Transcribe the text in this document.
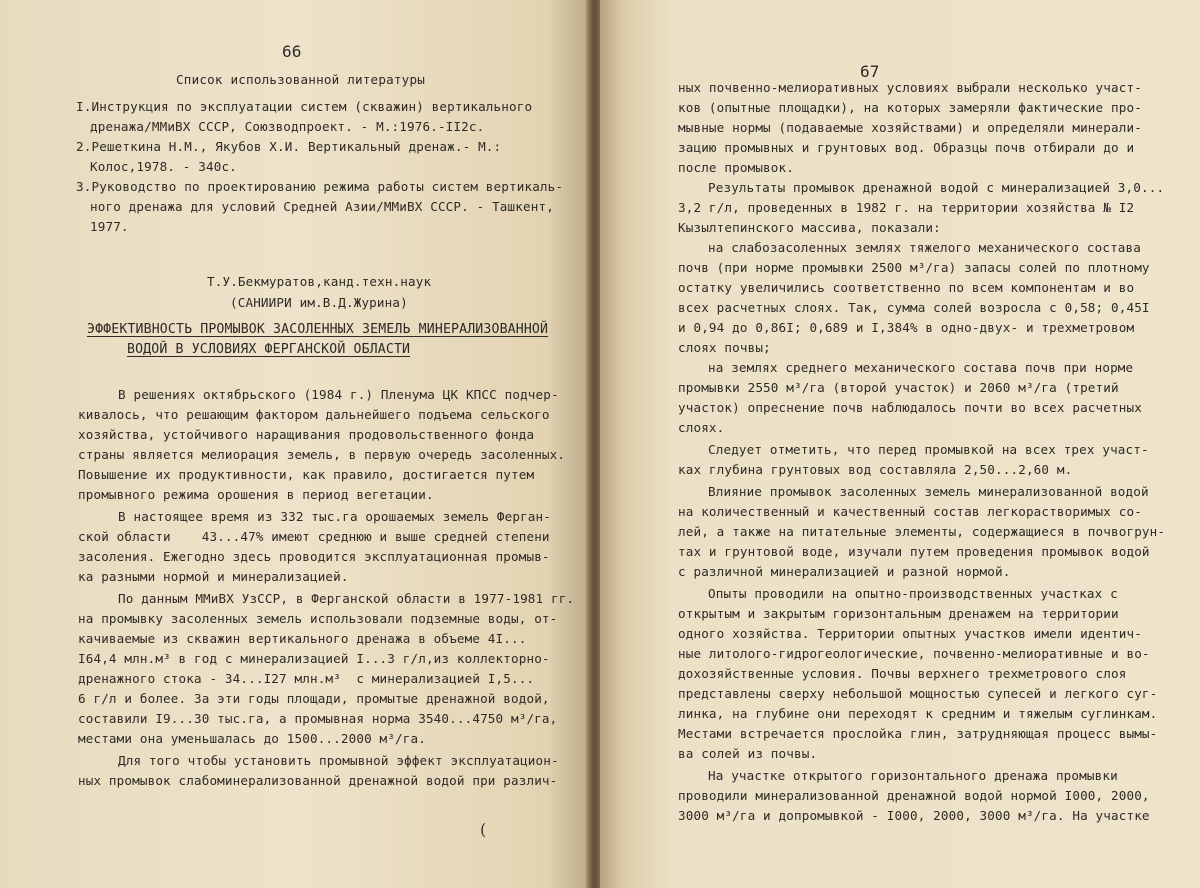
66
Список использованной литературы
I.Инструкция по эксплуатации систем (скважин) вертикального
дренажа/ММиВХ СССР, Союзводпроект. - М.:1976.-II2с.
2.Решеткина Н.М., Якубов Х.И. Вертикальный дренаж.- М.:
Колос,1978. - 340с.
3.Руководство по проектированию режима работы систем вертикаль-
ного дренажа для условий Средней Азии/ММиВХ СССР. - Ташкент,
1977.
Т.У.Бекмуратов,канд.техн.наук
(САНИИРИ им.В.Д.Журина)
ЭФФЕКТИВНОСТЬ ПРОМЫВОК ЗАСОЛЕННЫХ ЗЕМЕЛЬ МИНЕРАЛИЗОВАННОЙ
ВОДОЙ В УСЛОВИЯХ ФЕРГАНСКОЙ ОБЛАСТИ
В решениях октябрьского (1984 г.) Пленума ЦК КПСС подчер-
кивалось, что решающим фактором дальнейшего подъема сельского
хозяйства, устойчивого наращивания продовольственного фонда
страны является мелиорация земель, в первую очередь засоленных.
Повышение их продуктивности, как правило, достигается путем
промывного режима орошения в период вегетации.
В настоящее время из 332 тыс.га орошаемых земель Ферган-
ской области    43...47% имеют среднюю и выше средней степени
засоления. Ежегодно здесь проводится эксплуатационная промыв-
ка разными нормой и минерализацией.
По данным ММиВХ УзССР, в Ферганской области в 1977-1981 гг.
на промывку засоленных земель использовали подземные воды, от-
качиваемые из скважин вертикального дренажа в объеме 4I...
I64,4 млн.м³ в год с минерализацией I...3 г/л,из коллекторно-
дренажного стока - 34...I27 млн.м³  с минерализацией I,5...
6 г/л и более. За эти годы площади, промытые дренажной водой,
составили I9...30 тыс.га, а промывная норма 3540...4750 м³/га,
местами она уменьшалась до 1500...2000 м³/га.
Для того чтобы установить промывной эффект эксплуатацион-
ных промывок слабоминерализованной дренажной водой при различ-
(
67
ных почвенно-мелиоративных условиях выбрали несколько участ-
ков (опытные площадки), на которых замеряли фактические про-
мывные нормы (подаваемые хозяйствами) и определяли минерали-
зацию промывных и грунтовых вод. Образцы почв отбирали до и
после промывок.
Результаты промывок дренажной водой с минерализацией 3,0...
3,2 г/л, проведенных в 1982 г. на территории хозяйства № I2
Кызылтепинского массива, показали:
на слабозасоленных землях тяжелого механического состава
почв (при норме промывки 2500 м³/га) запасы солей по плотному
остатку увеличились соответственно по всем компонентам и во
всех расчетных слоях. Так, сумма солей возросла с 0,58; 0,45I
и 0,94 до 0,86I; 0,689 и I,384% в одно-двух- и трехметровом
слоях почвы;
на землях среднего механического состава почв при норме
промывки 2550 м³/га (второй участок) и 2060 м³/га (третий
участок) опреснение почв наблюдалось почти во всех расчетных
слоях.
Следует отметить, что перед промывкой на всех трех участ-
ках глубина грунтовых вод составляла 2,50...2,60 м.
Влияние промывок засоленных земель минерализованной водой
на количественный и качественный состав легкорастворимых со-
лей, а также на питательные элементы, содержащиеся в почвогрун-
тах и грунтовой воде, изучали путем проведения промывок водой
с различной минерализацией и разной нормой.
Опыты проводили на опытно-производственных участках с
открытым и закрытым горизонтальным дренажем на территории
одного хозяйства. Территории опытных участков имели идентич-
ные литолого-гидрогеологические, почвенно-мелиоративные и во-
дохозяйственные условия. Почвы верхнего трехметрового слоя
представлены сверху небольшой мощностью супесей и легкого суг-
линка, на глубине они переходят к средним и тяжелым суглинкам.
Местами встречается прослойка глин, затрудняющая процесс вымы-
ва солей из почвы.
На участке открытого горизонтального дренажа промывки
проводили минерализованной дренажной водой нормой I000, 2000,
3000 м³/га и допромывкой - I000, 2000, 3000 м³/га. На участке
